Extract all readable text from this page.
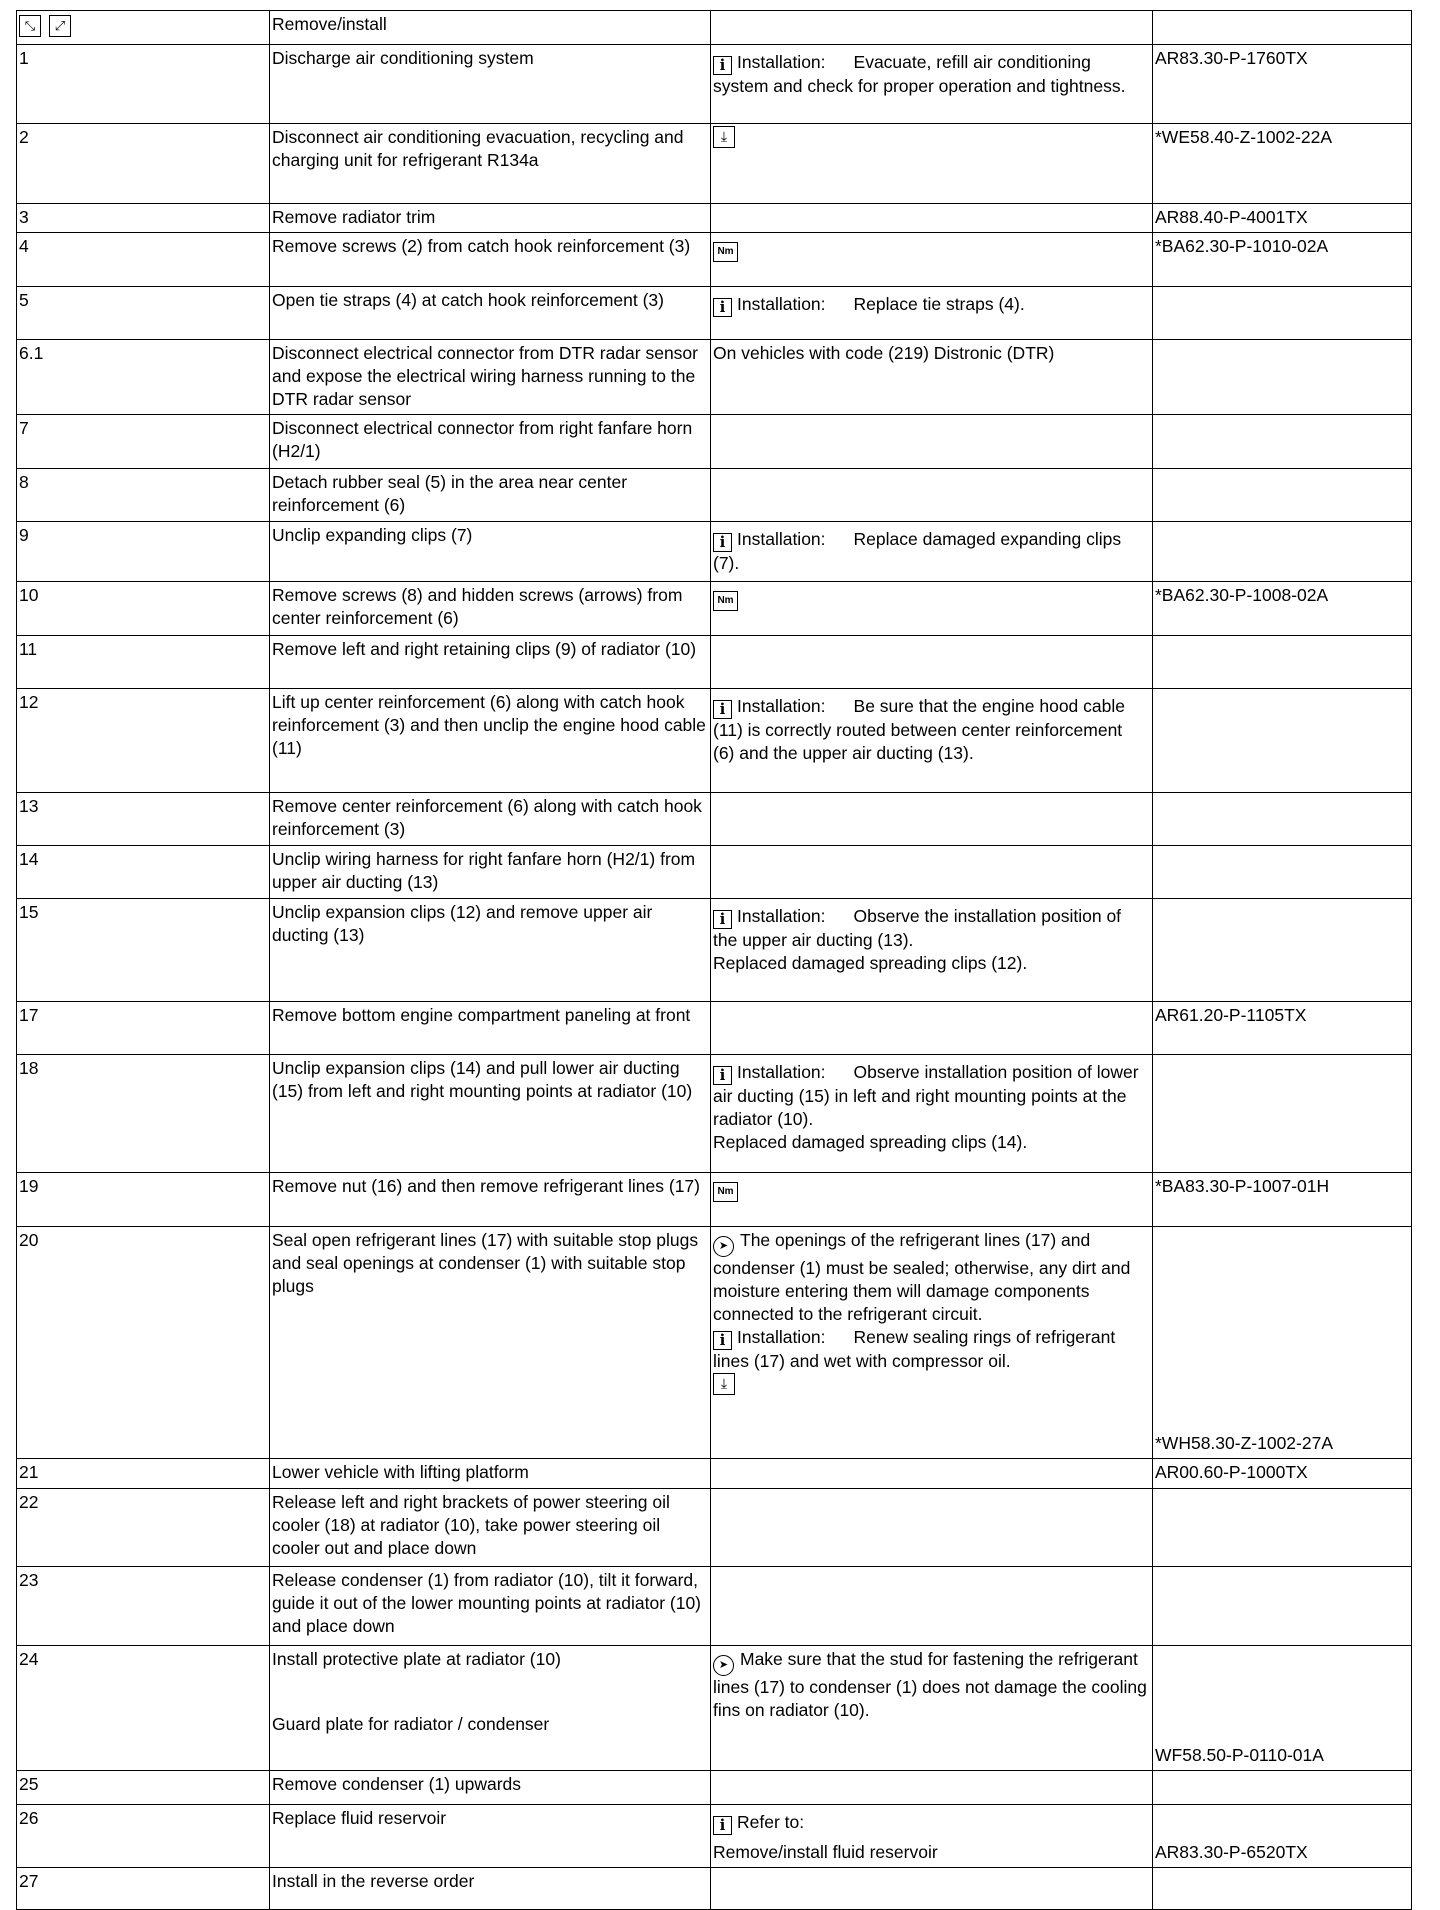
⤡ ⤢	Remove/install		
1	Discharge air conditioning system	i Installation: Evacuate, refill air conditioning system and check for proper operation and tightness.	AR83.30-P-1760TX
2	Disconnect air conditioning evacuation, recycling and charging unit for refrigerant R134a	⤓	*WE58.40-Z-1002-22A
3	Remove radiator trim		AR88.40-P-4001TX
4	Remove screws (2) from catch hook reinforcement (3)	Nm	*BA62.30-P-1010-02A
5	Open tie straps (4) at catch hook reinforcement (3)	i Installation: Replace tie straps (4).	
6.1	Disconnect electrical connector from DTR radar sensor and expose the electrical wiring harness running to the DTR radar sensor	On vehicles with code (219) Distronic (DTR)	
7	Disconnect electrical connector from right fanfare horn (H2/1)		

8	Detach rubber seal (5) in the area near center reinforcement (6)		

9	Unclip expanding clips (7)	i Installation: Replace damaged expanding clips (7).	
10	Remove screws (8) and hidden screws (arrows) from center reinforcement (6)	Nm	*BA62.30-P-1008-02A
11	Remove left and right retaining clips (9) of radiator (10)		

12	Lift up center reinforcement (6) along with catch hook reinforcement (3) and then unclip the engine hood cable (11)	i Installation: Be sure that the engine hood cable (11) is correctly routed between center reinforcement (6) and the upper air ducting (13).	
13	Remove center reinforcement (6) along with catch hook reinforcement (3)		

14	Unclip wiring harness for right fanfare horn (H2/1) from upper air ducting (13)		

15	Unclip expansion clips (12) and remove upper air ducting (13)	i Installation: Observe the installation position of the upper air ducting (13).
Replaced damaged spreading clips (12).	

17	Remove bottom engine compartment paneling at front		AR61.20-P-1105TX
18	Unclip expansion clips (14) and pull lower air ducting (15) from left and right mounting points at radiator (10)	i Installation: Observe installation position of lower air ducting (15) in left and right mounting points at the radiator (10).
Replaced damaged spreading clips (14).	

19	Remove nut (16) and then remove refrigerant lines (17)	Nm	*BA83.30-P-1007-01H
20	Seal open refrigerant lines (17) with suitable stop plugs and seal openings at condenser (1) with suitable stop plugs	➤ The openings of the refrigerant lines (17) and condenser (1) must be sealed; otherwise, any dirt and moisture entering them will damage components connected to the refrigerant circuit.
i Installation: Renew sealing rings of refrigerant lines (17) and wet with compressor oil.
⤓	*WH58.30-Z-1002-27A
21	Lower vehicle with lifting platform		AR00.60-P-1000TX
22	Release left and right brackets of power steering oil cooler (18) at radiator (10), take power steering oil cooler out and place down		

23	Release condenser (1) from radiator (10), tilt it forward, guide it out of the lower mounting points at radiator (10) and place down		

24	Install protective plate at radiator (10)
Guard plate for radiator / condenser	➤ Make sure that the stud for fastening the refrigerant lines (17) to condenser (1) does not damage the cooling fins on radiator (10).	WF58.50-P-0110-01A
25	Remove condenser (1) upwards		

26	Replace fluid reservoir	i Refer to:
Remove/install fluid reservoir	AR83.30-P-6520TX
27	Install in the reverse order		
